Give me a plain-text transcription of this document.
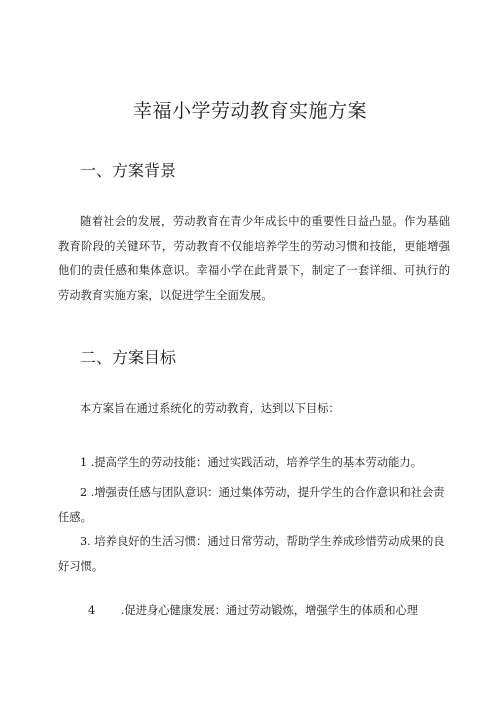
幸福小学劳动教育实施方案
一、方案背景
随着社会的发展，劳动教育在青少年成长中的重要性日益凸显。作为基础教育阶段的关键环节，劳动教育不仅能培养学生的劳动习惯和技能，更能增强他们的责任感和集体意识。幸福小学在此背景下，制定了一套详细、可执行的劳动教育实施方案，以促进学生全面发展。
二、方案目标
本方案旨在通过系统化的劳动教育，达到以下目标：
1 .提高学生的劳动技能：通过实践活动，培养学生的基本劳动能力。
2 .增强责任感与团队意识：通过集体劳动，提升学生的合作意识和社会责任感。
3. 培养良好的生活习惯：通过日常劳动，帮助学生养成珍惜劳动成果的良好习惯。
4 .促进身心健康发展：通过劳动锻炼，增强学生的体质和心理
